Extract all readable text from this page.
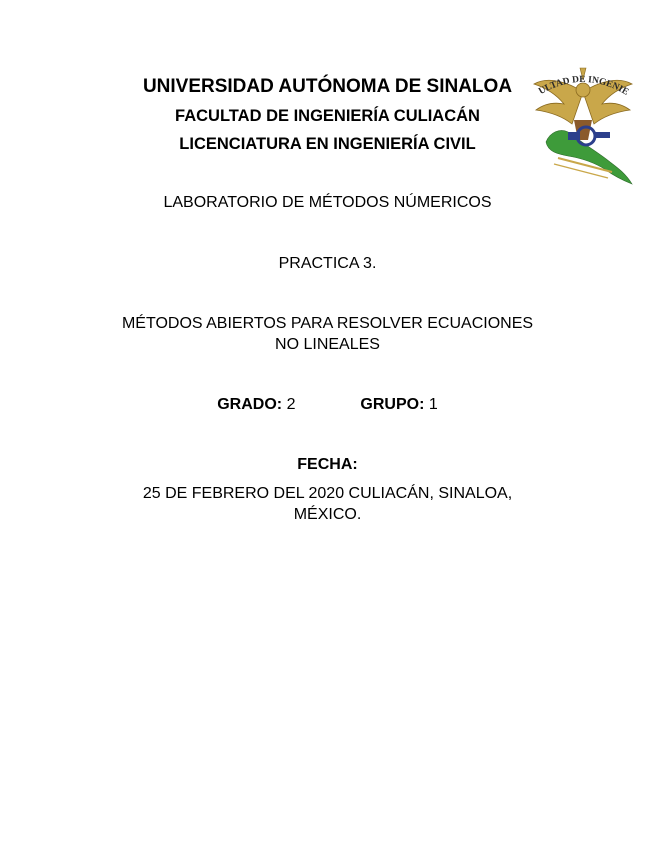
UNIVERSIDAD AUTÓNOMA DE SINALOA
FACULTAD DE INGENIERÍA CULIACÁN
LICENCIATURA EN INGENIERÍA CIVIL
ULTAD DE INGENIE
LABORATORIO DE MÉTODOS NÚMERICOS
PRACTICA 3.
MÉTODOS ABIERTOS PARA RESOLVER ECUACIONES
NO LINEALES
GRADO: 2	GRUPO: 1
FECHA:
25 DE FEBRERO DEL 2020 CULIACÁN, SINALOA,
MÉXICO.
